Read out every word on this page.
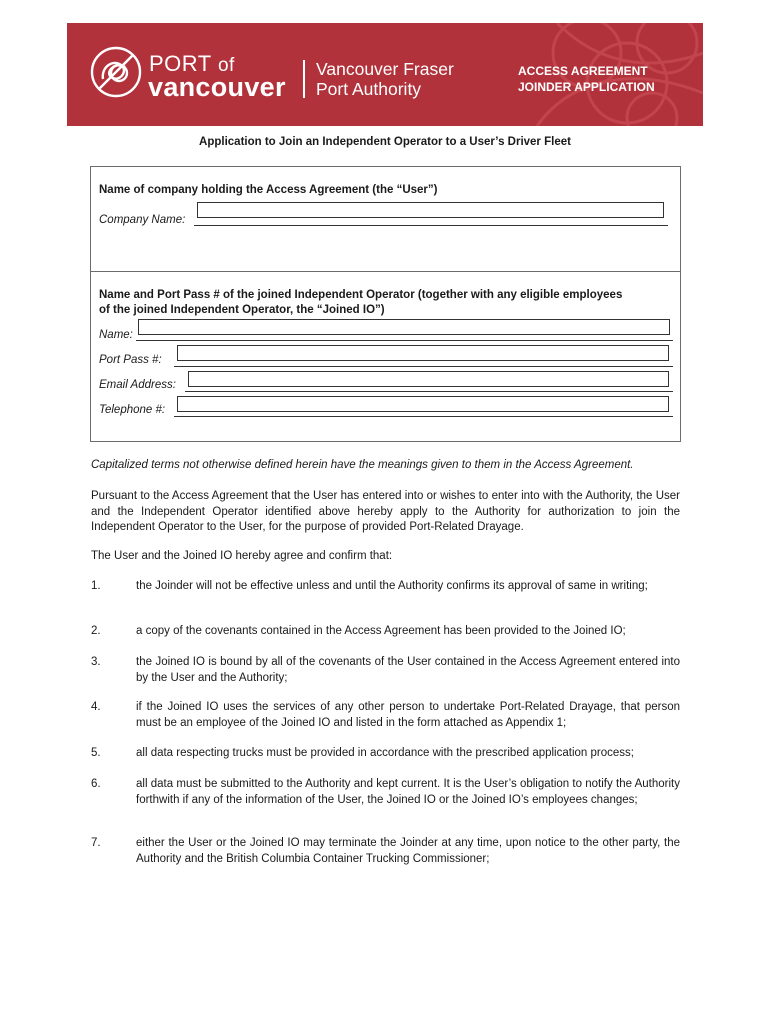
PORT of
vancouver
Vancouver Fraser
Port Authority
ACCESS AGREEMENT
JOINDER APPLICATION
Application to Join an Independent Operator to a User’s Driver Fleet
Name of company holding the Access Agreement (the “User”)
Company Name:
Name and Port Pass # of the joined Independent Operator (together with any eligible employees
of the joined Independent Operator, the “Joined IO”)
Name:
Port Pass #:
Email Address:
Telephone #:
Capitalized terms not otherwise defined herein have the meanings given to them in the Access Agreement.
Pursuant to the Access Agreement that the User has entered into or wishes to enter into with the Authority, the User and the Independent Operator identified above hereby apply to the Authority for authorization to join the Independent Operator to the User, for the purpose of provided Port-Related Drayage.
The User and the Joined IO hereby agree and confirm that:
1.	the Joinder will not be effective unless and until the Authority confirms its approval of same in writing;
2.	a copy of the covenants contained in the Access Agreement has been provided to the Joined IO;
3.	the Joined IO is bound by all of the covenants of the User contained in the Access Agreement entered into by the User and the Authority;
4.	if the Joined IO uses the services of any other person to undertake Port-Related Drayage, that person must be an employee of the Joined IO and listed in the form attached as Appendix 1;
5.	all data respecting trucks must be provided in accordance with the prescribed application process;
6.	all data must be submitted to the Authority and kept current. It is the User’s obligation to notify the Authority forthwith if any of the information of the User, the Joined IO or the Joined IO’s employees changes;
7.	either the User or the Joined IO may terminate the Joinder at any time, upon notice to the other party, the Authority and the British Columbia Container Trucking Commissioner;
